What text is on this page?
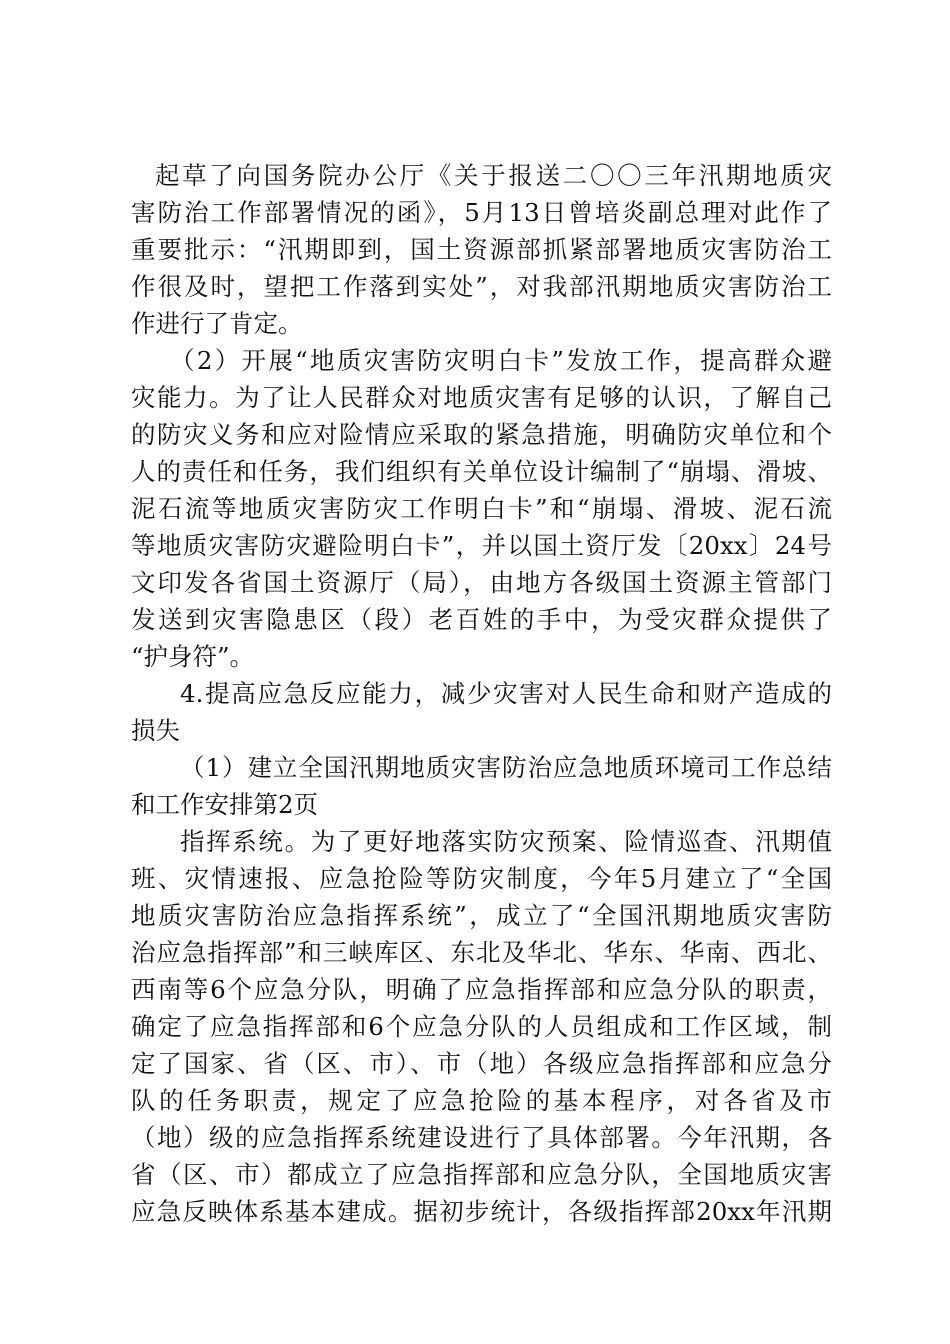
起草了向国务院办公厅《关于报送二〇〇三年汛期地质灾
害防治工作部署情况的函》，5月13日曾培炎副总理对此作了
重要批示：“汛期即到，国土资源部抓紧部署地质灾害防治工
作很及时，望把工作落到实处”，对我部汛期地质灾害防治工
作进行了肯定。
（2）开展“地质灾害防灾明白卡”发放工作，提高群众避
灾能力。为了让人民群众对地质灾害有足够的认识，了解自己
的防灾义务和应对险情应采取的紧急措施，明确防灾单位和个
人的责任和任务，我们组织有关单位设计编制了“崩塌、滑坡、
泥石流等地质灾害防灾工作明白卡”和“崩塌、滑坡、泥石流
等地质灾害防灾避险明白卡”，并以国土资厅发〔20xx〕24号
文印发各省国土资源厅（局），由地方各级国土资源主管部门
发送到灾害隐患区（段）老百姓的手中，为受灾群众提供了
“护身符”。
4.提高应急反应能力，减少灾害对人民生命和财产造成的
损失
（1）建立全国汛期地质灾害防治应急地质环境司工作总结
和工作安排第2页
指挥系统。为了更好地落实防灾预案、险情巡查、汛期值
班、灾情速报、应急抢险等防灾制度，今年5月建立了“全国
地质灾害防治应急指挥系统”，成立了“全国汛期地质灾害防
治应急指挥部”和三峡库区、东北及华北、华东、华南、西北、
西南等6个应急分队，明确了应急指挥部和应急分队的职责，
确定了应急指挥部和6个应急分队的人员组成和工作区域，制
定了国家、省（区、市）、市（地）各级应急指挥部和应急分
队的任务职责，规定了应急抢险的基本程序，对各省及市
（地）级的应急指挥系统建设进行了具体部署。今年汛期，各
省（区、市）都成立了应急指挥部和应急分队，全国地质灾害
应急反映体系基本建成。据初步统计，各级指挥部20xx年汛期
